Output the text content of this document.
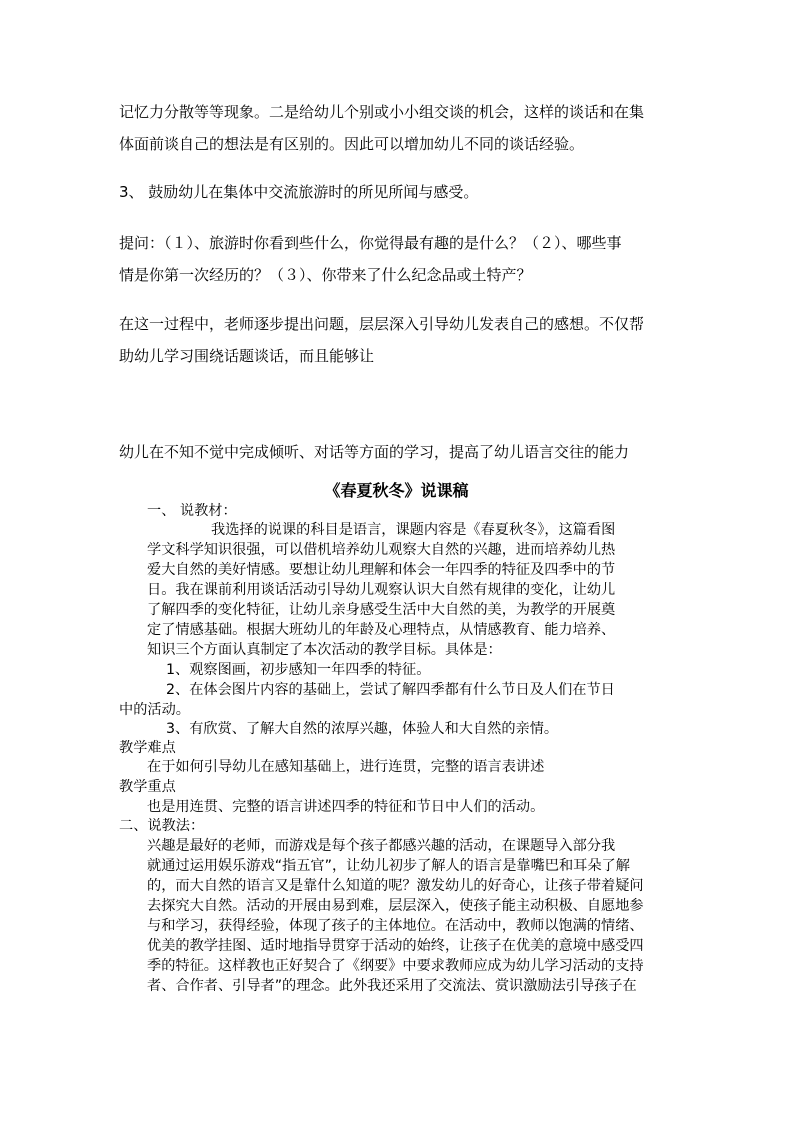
记忆力分散等等现象。二是给幼儿个别或小小组交谈的机会，这样的谈话和在集
体面前谈自己的想法是有区别的。因此可以增加幼儿不同的谈话经验。
3、 鼓励幼儿在集体中交流旅游时的所见所闻与感受。
提问：（１）、旅游时你看到些什么，你觉得最有趣的是什么？（２）、哪些事
情是你第一次经历的？（３）、你带来了什么纪念品或土特产？
在这一过程中，老师逐步提出问题，层层深入引导幼儿发表自己的感想。不仅帮
助幼儿学习围绕话题谈话，而且能够让
幼儿在不知不觉中完成倾听、对话等方面的学习，提高了幼儿语言交往的能力
《春夏秋冬》说课稿
一、 说教材：
我选择的说课的科目是语言，课题内容是《春夏秋冬》，这篇看图
学文科学知识很强，可以借机培养幼儿观察大自然的兴趣，进而培养幼儿热
爱大自然的美好情感。要想让幼儿理解和体会一年四季的特征及四季中的节
日。我在课前利用谈话活动引导幼儿观察认识大自然有规律的变化，让幼儿
了解四季的变化特征，让幼儿亲身感受生活中大自然的美，为教学的开展奠
定了情感基础。根据大班幼儿的年龄及心理特点，从情感教育、能力培养、
知识三个方面认真制定了本次活动的教学目标。具体是：
1、观察图画，初步感知一年四季的特征。
2、在体会图片内容的基础上，尝试了解四季都有什么节日及人们在节日
中的活动。
3、有欣赏、了解大自然的浓厚兴趣，体验人和大自然的亲情。
教学难点
在于如何引导幼儿在感知基础上，进行连贯，完整的语言表讲述
教学重点
也是用连贯、完整的语言讲述四季的特征和节日中人们的活动。
二、说教法：
兴趣是最好的老师，而游戏是每个孩子都感兴趣的活动，在课题导入部分我
就通过运用娱乐游戏“指五官”，让幼儿初步了解人的语言是靠嘴巴和耳朵了解
的，而大自然的语言又是靠什么知道的呢？激发幼儿的好奇心，让孩子带着疑问
去探究大自然。活动的开展由易到难，层层深入，使孩子能主动积极、自愿地参
与和学习，获得经验，体现了孩子的主体地位。在活动中，教师以饱满的情绪、
优美的教学挂图、适时地指导贯穿于活动的始终，让孩子在优美的意境中感受四
季的特征。这样教也正好契合了《纲要》中要求教师应成为幼儿学习活动的支持
者、合作者、引导者”的理念。此外我还采用了交流法、赏识激励法引导孩子在
